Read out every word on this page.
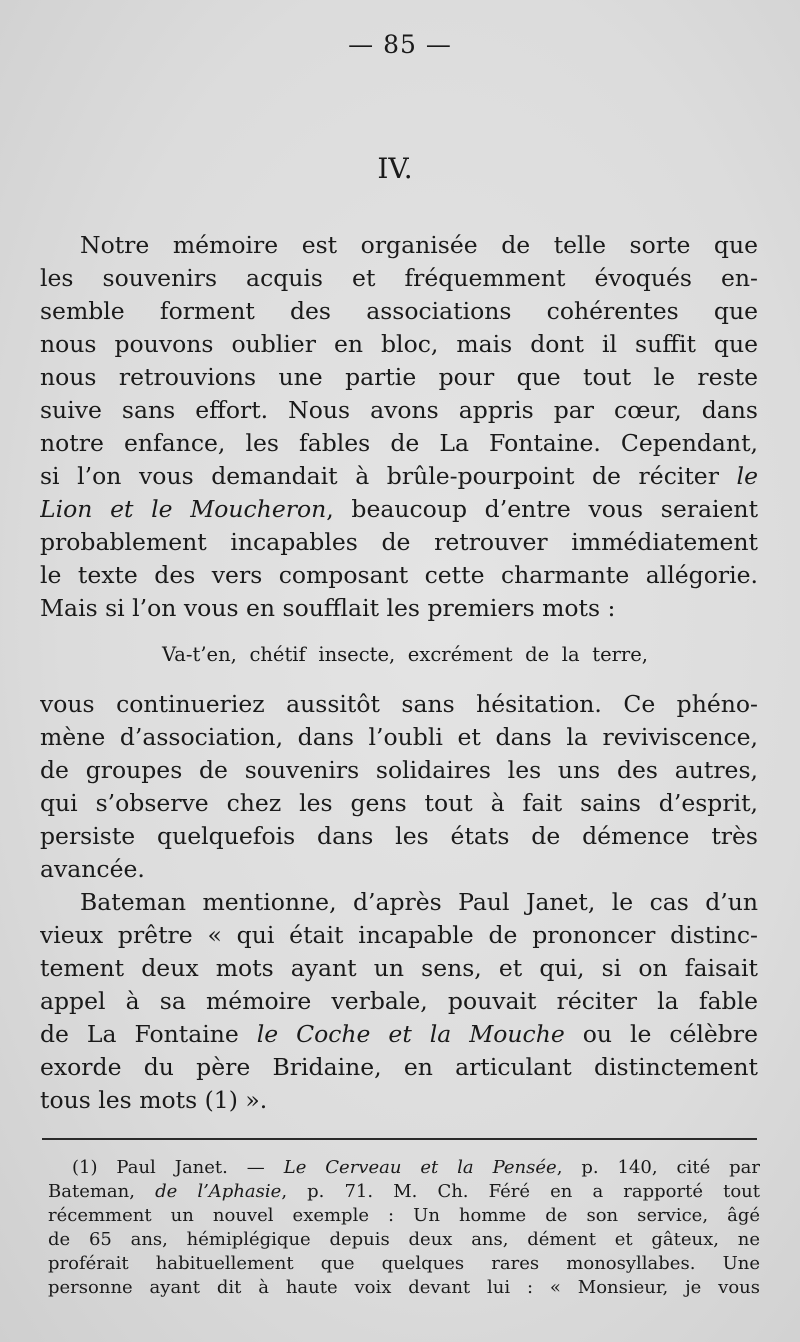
— 85 —
IV.
Notre mémoire est organisée de telle sorte que
les souvenirs acquis et fréquemment évoqués en-
semble forment des associations cohérentes que
nous pouvons oublier en bloc, mais dont il suffit que
nous retrouvions une partie pour que tout le reste
suive sans effort. Nous avons appris par cœur, dans
notre enfance, les fables de La Fontaine. Cependant,
si l’on vous demandait à brûle-pourpoint de réciter le
Lion et le Moucheron, beaucoup d’entre vous seraient
probablement incapables de retrouver immédiatement
le texte des vers composant cette charmante allégorie.
Mais si l’on vous en soufflait les premiers mots :
Va-t’en, chétif insecte, excrément de la terre,
vous continueriez aussitôt sans hésitation. Ce phéno-
mène d’association, dans l’oubli et dans la reviviscence,
de groupes de souvenirs solidaires les uns des autres,
qui s’observe chez les gens tout à fait sains d’esprit,
persiste quelquefois dans les états de démence très
avancée.
Bateman mentionne, d’après Paul Janet, le cas d’un
vieux prêtre « qui était incapable de prononcer distinc-
tement deux mots ayant un sens, et qui, si on faisait
appel à sa mémoire verbale, pouvait réciter la fable
de La Fontaine le Coche et la Mouche ou le célèbre
exorde du père Bridaine, en articulant distinctement
tous les mots (1) ».
(1) Paul Janet. — Le Cerveau et la Pensée, p. 140, cité par
Bateman, de l’Aphasie, p. 71. M. Ch. Féré en a rapporté tout
récemment un nouvel exemple : Un homme de son service, âgé
de 65 ans, hémiplégique depuis deux ans, dément et gâteux, ne
proférait habituellement que quelques rares monosyllabes. Une
personne ayant dit à haute voix devant lui : « Monsieur, je vous
